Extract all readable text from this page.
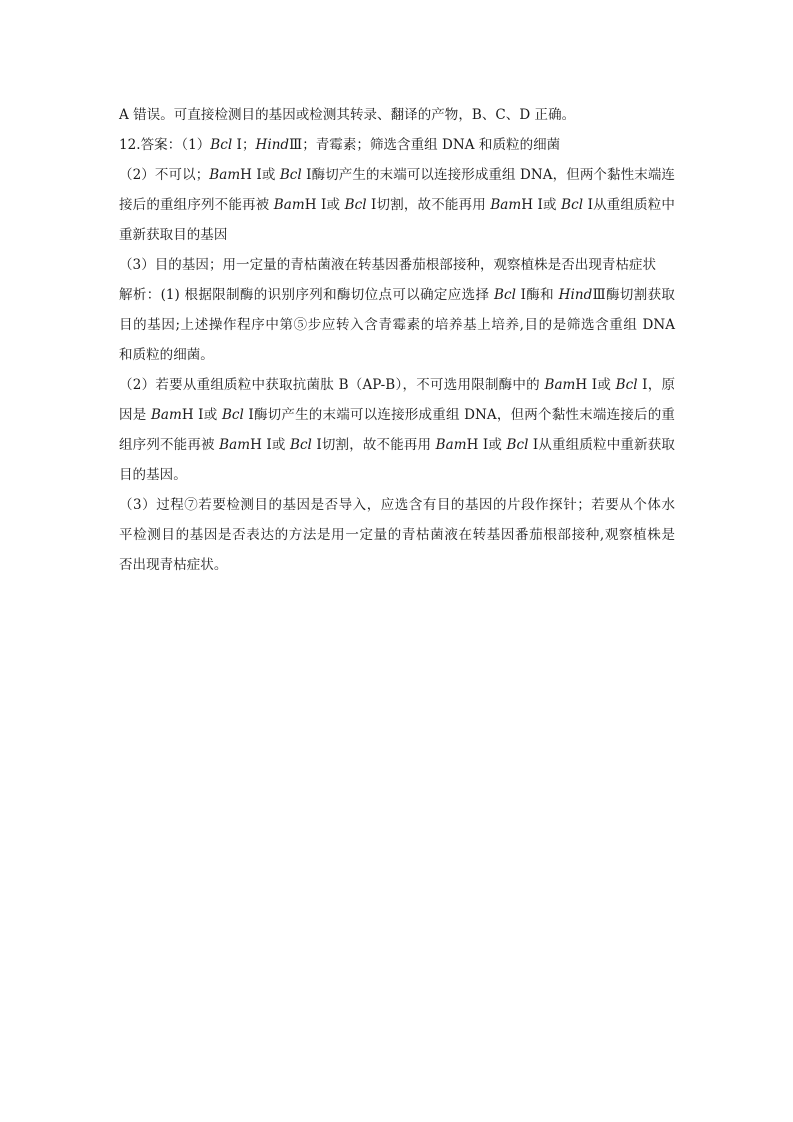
A 错误。可直接检测目的基因或检测其转录、翻译的产物，B、C、D 正确。
12.答案：（1）Bcl Ⅰ；HindⅢ；青霉素；筛选含重组 DNA 和质粒的细菌
（2）不可以；BamH Ⅰ或 Bcl Ⅰ酶切产生的末端可以连接形成重组 DNA，但两个黏性末端连
接后的重组序列不能再被 BamH Ⅰ或 Bcl Ⅰ切割，故不能再用 BamH Ⅰ或 Bcl Ⅰ从重组质粒中
重新获取目的基因
（3）目的基因；用一定量的青枯菌液在转基因番茄根部接种，观察植株是否出现青枯症状
解析：(1) 根据限制酶的识别序列和酶切位点可以确定应选择 Bcl Ⅰ酶和 HindⅢ酶切割获取
目的基因;上述操作程序中第⑤步应转入含青霉素的培养基上培养,目的是筛选含重组 DNA
和质粒的细菌。
（2）若要从重组质粒中获取抗菌肽 B（AP-B），不可选用限制酶中的 BamH Ⅰ或 Bcl Ⅰ，原
因是 BamH Ⅰ或 Bcl Ⅰ酶切产生的末端可以连接形成重组 DNA，但两个黏性末端连接后的重
组序列不能再被 BamH Ⅰ或 Bcl Ⅰ切割，故不能再用 BamH Ⅰ或 Bcl Ⅰ从重组质粒中重新获取
目的基因。
（3）过程⑦若要检测目的基因是否导入，应选含有目的基因的片段作探针；若要从个体水
平检测目的基因是否表达的方法是用一定量的青枯菌液在转基因番茄根部接种,观察植株是
否出现青枯症状。
